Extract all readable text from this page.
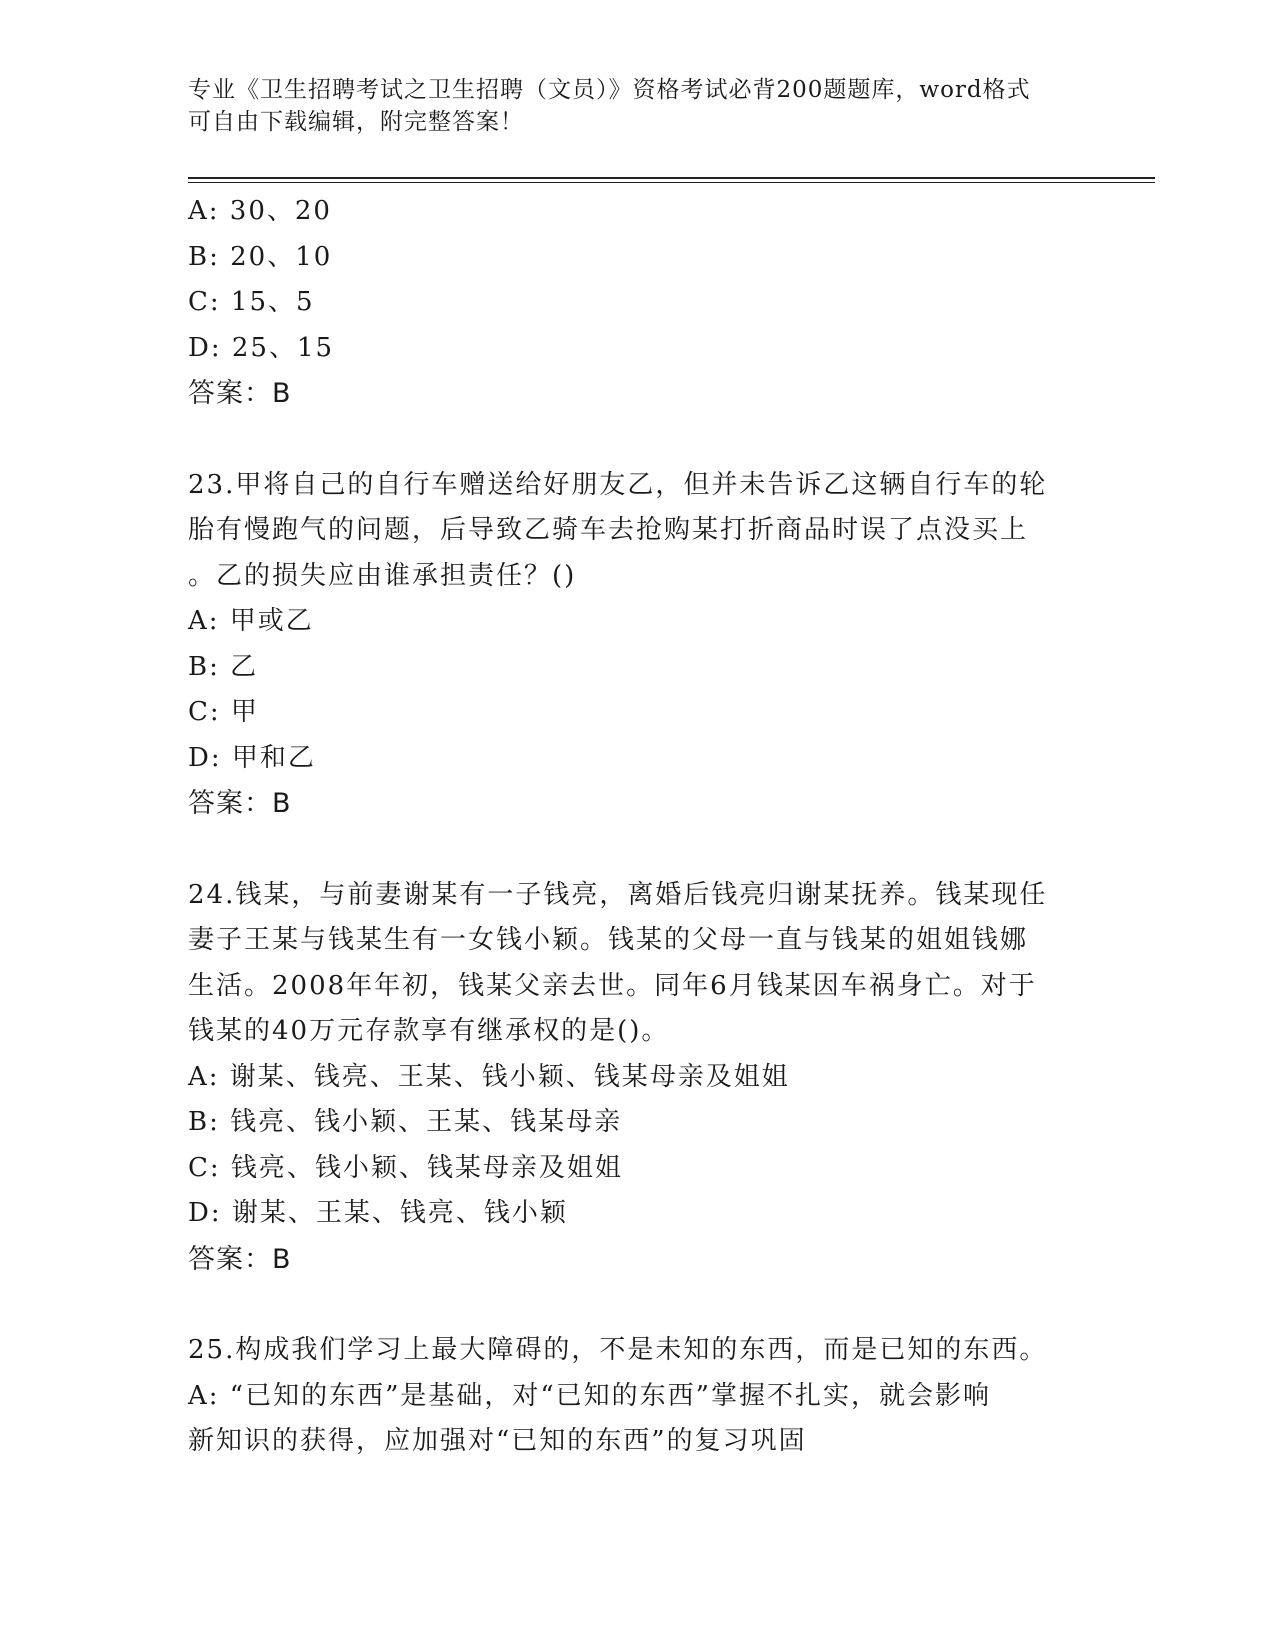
专业《卫生招聘考试之卫生招聘（文员）》资格考试必背200题题库，word格式
可自由下载编辑，附完整答案！
A: 30、20
B: 20、10
C: 15、5
D: 25、15
答案：B
23.甲将自己的自行车赠送给好朋友乙，但并未告诉乙这辆自行车的轮
胎有慢跑气的问题，后导致乙骑车去抢购某打折商品时误了点没买上
。乙的损失应由谁承担责任？()
A: 甲或乙
B: 乙
C: 甲
D: 甲和乙
答案：B
24.钱某，与前妻谢某有一子钱亮，离婚后钱亮归谢某抚养。钱某现任
妻子王某与钱某生有一女钱小颖。钱某的父母一直与钱某的姐姐钱娜
生活。2008年年初，钱某父亲去世。同年6月钱某因车祸身亡。对于
钱某的40万元存款享有继承权的是()。
A: 谢某、钱亮、王某、钱小颖、钱某母亲及姐姐
B: 钱亮、钱小颖、王某、钱某母亲
C: 钱亮、钱小颖、钱某母亲及姐姐
D: 谢某、王某、钱亮、钱小颖
答案：B
25.构成我们学习上最大障碍的，不是未知的东西，而是已知的东西。
A: “已知的东西”是基础，对“已知的东西”掌握不扎实，就会影响
新知识的获得，应加强对“已知的东西”的复习巩固
